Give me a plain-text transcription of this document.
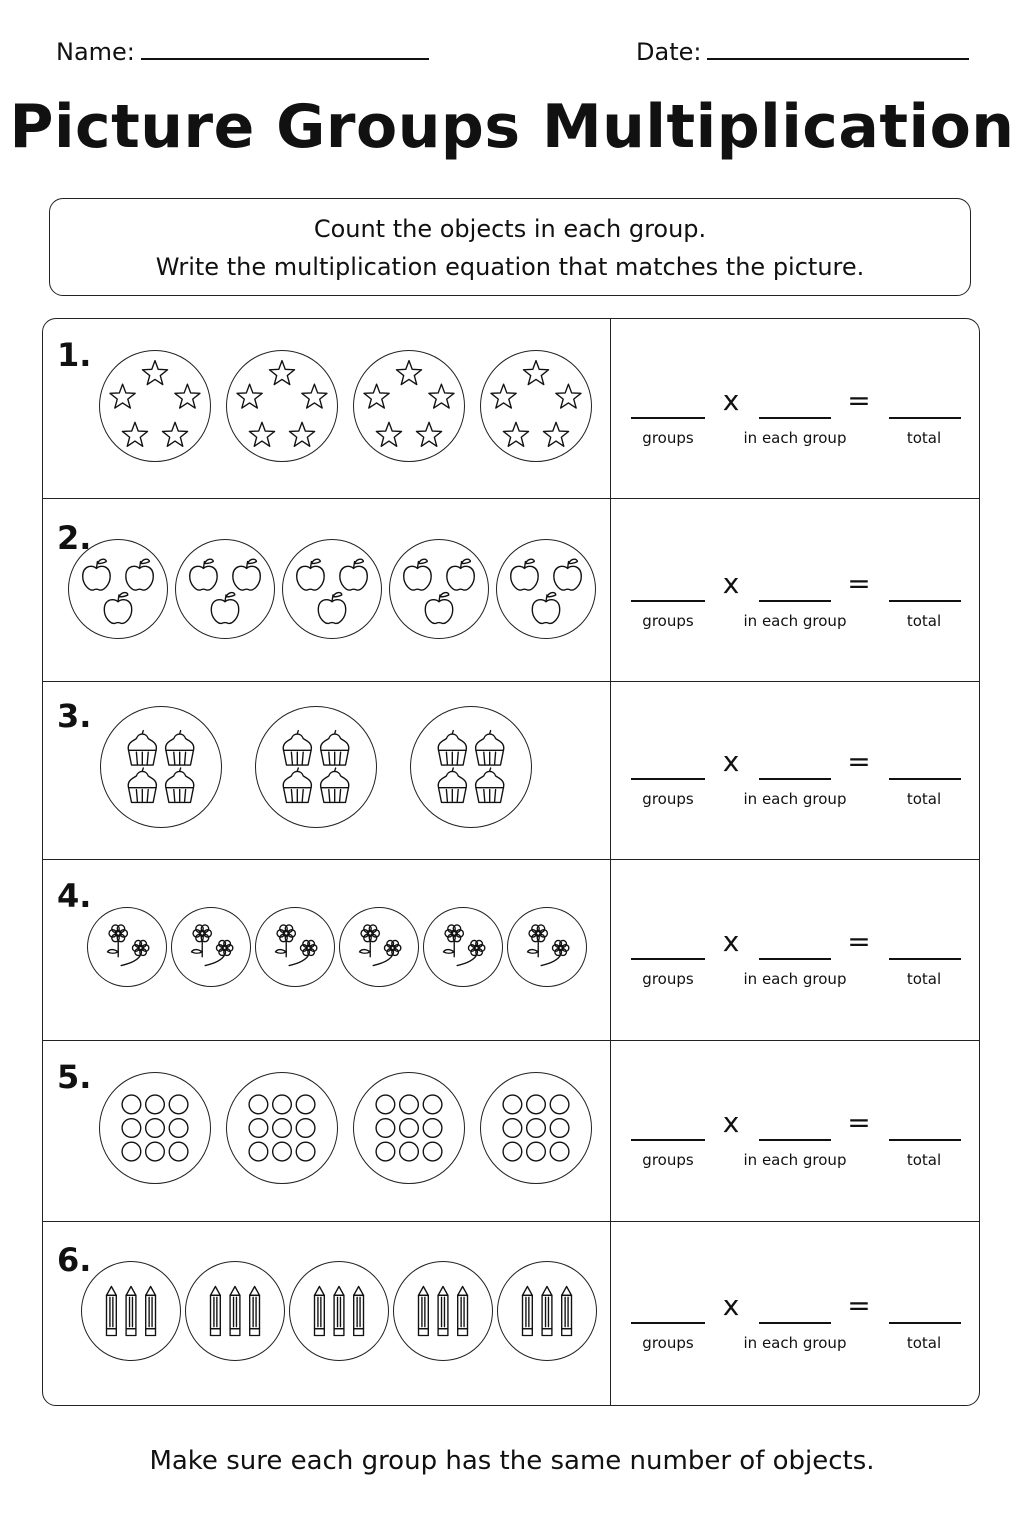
Name:	Date:
Picture Groups Multiplication
Count the objects in each group.
Write the multiplication equation that matches the picture.
1.
x	=
groups	in each group	total
2.
x	=
groups	in each group	total
3.
x	=
groups	in each group	total
4.
x	=
groups	in each group	total
5.
x	=
groups	in each group	total
6.
x	=
groups	in each group	total
Make sure each group has the same number of objects.
